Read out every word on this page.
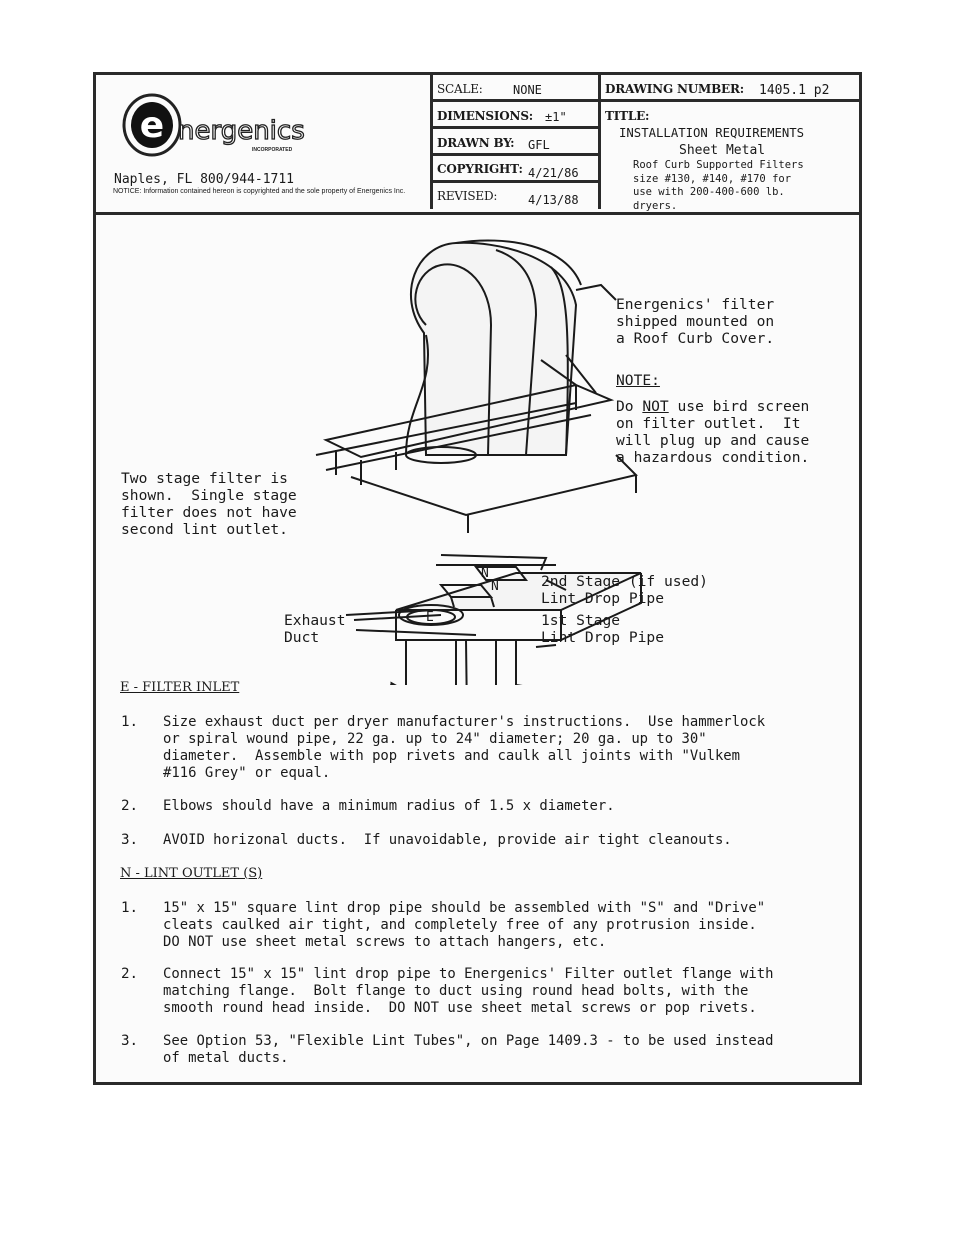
e nergenics
INCORPORATED
Naples, FL 800/944-1711
NOTICE: Information contained hereon is copyrighted and the sole property of Energenics Inc.
SCALE:	NONE
DIMENSIONS: ±1"
DRAWN BY: GFL
COPYRIGHT: 4/21/86
REVISED:	4/13/88
DRAWING NUMBER: 1405.1 p2
TITLE:
INSTALLATION REQUIREMENTS
Sheet Metal
Roof Curb Supported Filters
size #130, #140, #170 for
use with 200-400-600 lb.
dryers.
N
N
E
Energenics' filter
shipped mounted on
a Roof Curb Cover.
NOTE:
Do NOT use bird screen
on filter outlet.  It
will plug up and cause
a hazardous condition.
Two stage filter is
shown.  Single stage
filter does not have
second lint outlet.
Exhaust
Duct
2nd Stage (if used)
Lint Drop Pipe
1st Stage
Lint Drop Pipe
E - FILTER INLET
1. Size exhaust duct per dryer manufacturer's instructions.  Use hammerlock
or spiral wound pipe, 22 ga. up to 24" diameter; 20 ga. up to 30"
diameter.  Assemble with pop rivets and caulk all joints with "Vulkem
#116 Grey" or equal.
2. Elbows should have a minimum radius of 1.5 x diameter.
3. AVOID horizonal ducts.  If unavoidable, provide air tight cleanouts.
N - LINT OUTLET (S)
1. 15" x 15" square lint drop pipe should be assembled with "S" and "Drive"
cleats caulked air tight, and completely free of any protrusion inside.
DO NOT use sheet metal screws to attach hangers, etc.
2. Connect 15" x 15" lint drop pipe to Energenics' Filter outlet flange with
matching flange.  Bolt flange to duct using round head bolts, with the
smooth round head inside.  DO NOT use sheet metal screws or pop rivets.
3. See Option 53, "Flexible Lint Tubes", on Page 1409.3 - to be used instead
of metal ducts.
